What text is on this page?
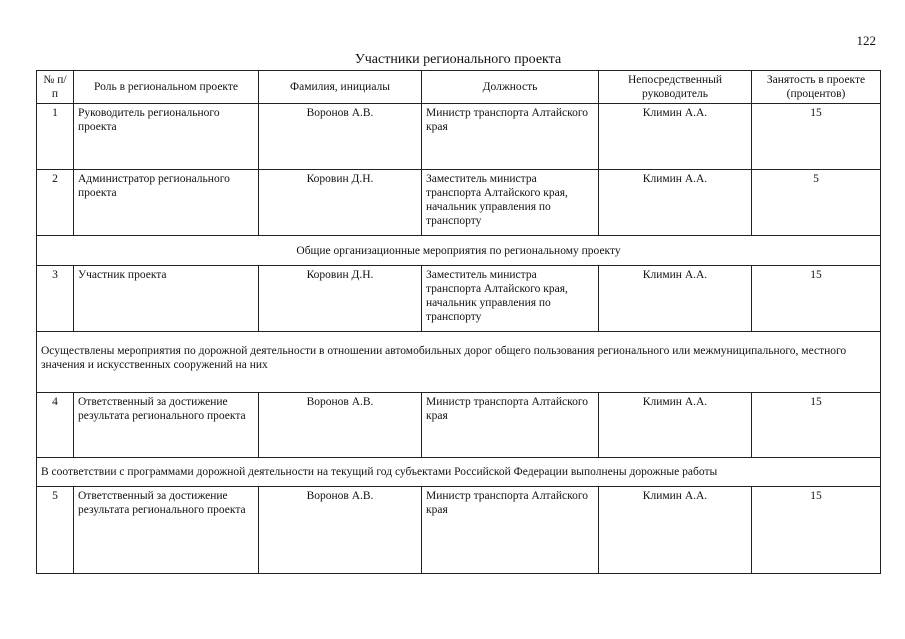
122
Участники регионального проекта
№ п/п	Роль в региональном проекте	Фамилия, инициалы	Должность	Непосредственный руководитель	Занятость в проекте (процентов)
1	Руководитель регионального проекта	Воронов А.В.	Министр транспорта Алтайского края	Климин А.А.	15
2	Администратор регионального проекта	Коровин Д.Н.	Заместитель министра транспорта Алтайского края, начальник управления по транспорту	Климин А.А.	5
Общие организационные мероприятия по региональному проекту					
3	Участник проекта	Коровин Д.Н.	Заместитель министра транспорта Алтайского края, начальник управления по транспорту	Климин А.А.	15
Осуществлены мероприятия по дорожной деятельности в отношении автомобильных дорог общего пользования регионального или межмуниципального, местного значения и искусственных сооружений на них					
4	Ответственный за достижение результата регионального проекта	Воронов А.В.	Министр транспорта Алтайского края	Климин А.А.	15
В соответствии с программами дорожной деятельности на текущий год субъектами Российской Федерации выполнены дорожные работы					
5	Ответственный за достижение результата регионального проекта	Воронов А.В.	Министр транспорта Алтайского края	Климин А.А.	15
